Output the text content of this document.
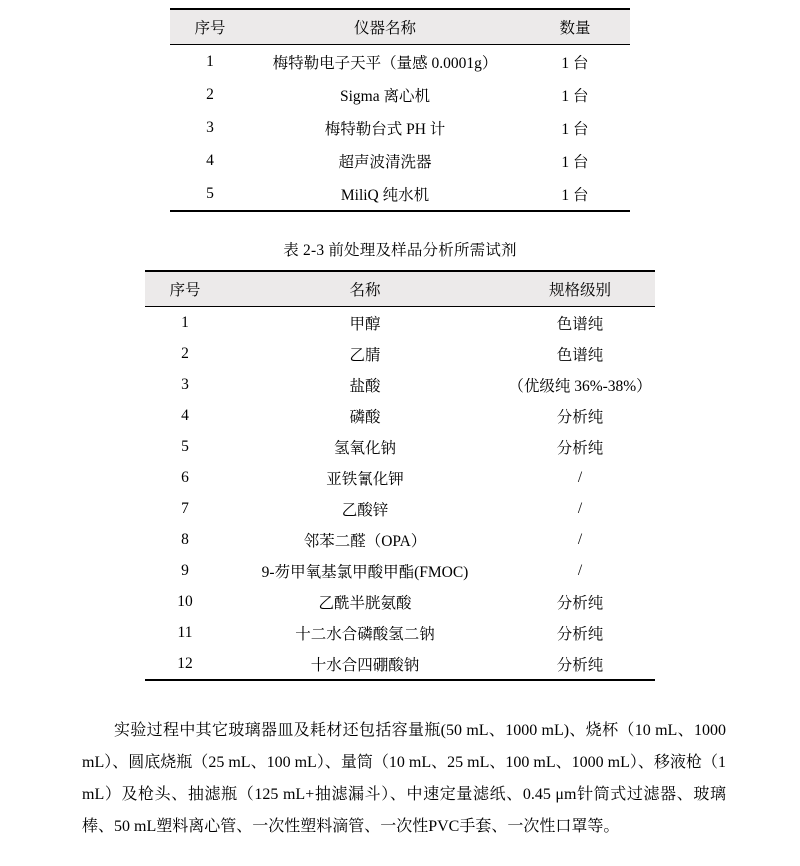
序号	仪器名称	数量
1	梅特勒电子天平（量感 0.0001g）	1 台
2	Sigma 离心机	1 台
3	梅特勒台式 PH 计	1 台
4	超声波清洗器	1 台
5	MiliQ 纯水机	1 台
表 2-3 前处理及样品分析所需试剂
序号	名称	规格级别
1	甲醇	色谱纯
2	乙腈	色谱纯
3	盐酸	（优级纯 36%-38%）
4	磷酸	分析纯
5	氢氧化钠	分析纯
6	亚铁氰化钾	/
7	乙酸锌	/
8	邻苯二醛（OPA）	/
9	9-芴甲氧基氯甲酸甲酯(FMOC)	/
10	乙酰半胱氨酸	分析纯
11	十二水合磷酸氢二钠	分析纯
12	十水合四硼酸钠	分析纯

实验过程中其它玻璃器皿及耗材还包括容量瓶(50 mL、1000 mL)、烧杯（10 mL、1000 mL）、圆底烧瓶（25 mL、100 mL）、量筒（10 mL、25 mL、100 mL、1000 mL）、移液枪（1 mL）及枪头、抽滤瓶（125 mL+抽滤漏斗）、中速定量滤纸、0.45 μm针筒式过滤器、玻璃棒、50 mL塑料离心管、一次性塑料滴管、一次性PVC手套、一次性口罩等。
